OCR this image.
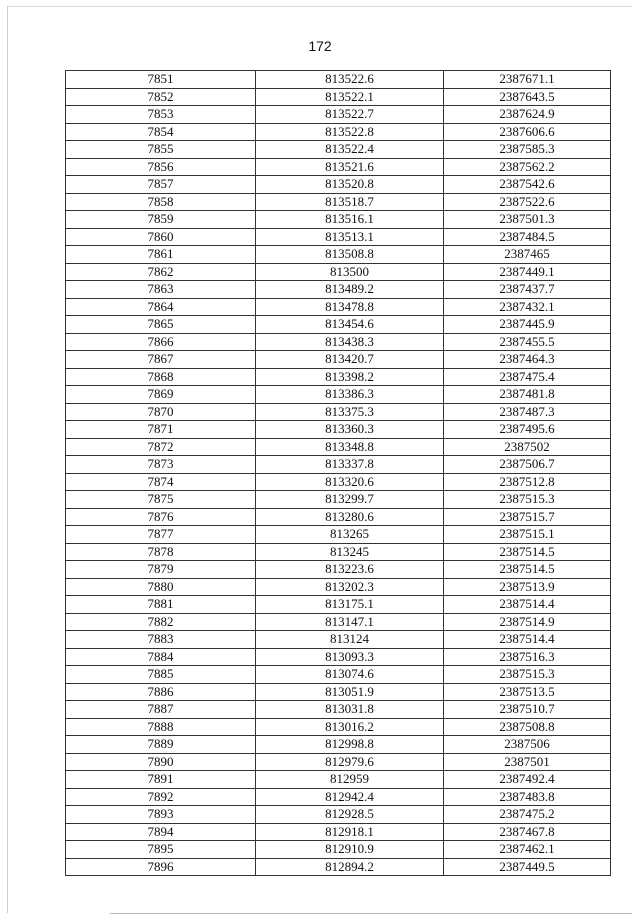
172
7851	813522.6	2387671.1
7852	813522.1	2387643.5
7853	813522.7	2387624.9
7854	813522.8	2387606.6
7855	813522.4	2387585.3
7856	813521.6	2387562.2
7857	813520.8	2387542.6
7858	813518.7	2387522.6
7859	813516.1	2387501.3
7860	813513.1	2387484.5
7861	813508.8	2387465
7862	813500	2387449.1
7863	813489.2	2387437.7
7864	813478.8	2387432.1
7865	813454.6	2387445.9
7866	813438.3	2387455.5
7867	813420.7	2387464.3
7868	813398.2	2387475.4
7869	813386.3	2387481.8
7870	813375.3	2387487.3
7871	813360.3	2387495.6
7872	813348.8	2387502
7873	813337.8	2387506.7
7874	813320.6	2387512.8
7875	813299.7	2387515.3
7876	813280.6	2387515.7
7877	813265	2387515.1
7878	813245	2387514.5
7879	813223.6	2387514.5
7880	813202.3	2387513.9
7881	813175.1	2387514.4
7882	813147.1	2387514.9
7883	813124	2387514.4
7884	813093.3	2387516.3
7885	813074.6	2387515.3
7886	813051.9	2387513.5
7887	813031.8	2387510.7
7888	813016.2	2387508.8
7889	812998.8	2387506
7890	812979.6	2387501
7891	812959	2387492.4
7892	812942.4	2387483.8
7893	812928.5	2387475.2
7894	812918.1	2387467.8
7895	812910.9	2387462.1
7896	812894.2	2387449.5
